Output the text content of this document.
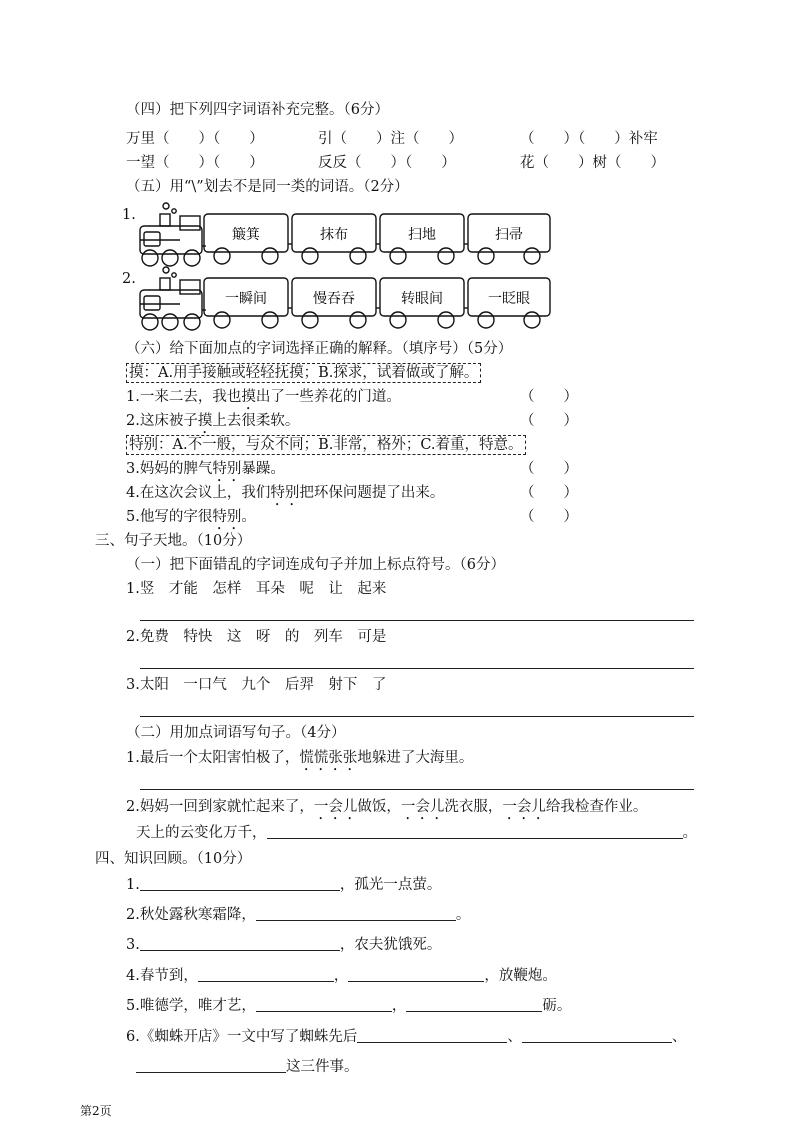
（四）把下列四字词语补充完整。（6分）
万里（　　）（　　）	引（　　）注（　　）	（　　）（　　）补牢
一望（　　）（　　）	反反（　　）（　　）	花（　　）树（　　）
（五）用“\”划去不是同一类的词语。（2分）
1.
簸箕	抹布	扫地	扫帚
2.
一瞬间	慢吞吞	转眼间	一眨眼
（六）给下面加点的字词选择正确的解释。（填序号）（5分）
摸：A.用手接触或轻轻抚摸；B.探求，试着做或了解。
1.一来二去，我也摸出了一些养花的门道。	（　　）
2.这床被子摸上去很柔软。	（　　）
特别：A.不一般，与众不同；B.非常，格外；C.着重，特意。
3.妈妈的脾气特别暴躁。	（　　）
4.在这次会议上，我们特别把环保问题提了出来。	（　　）
5.他写的字很特别。	（　　）
三、句子天地。（10分）
（一）把下面错乱的字词连成句子并加上标点符号。（6分）
1.竖　才能　怎样　耳朵　呢　让　起来
2.免费　特快　这　呀　的　列车　可是
3.太阳　一口气　九个　后羿　射下　了
（二）用加点词语写句子。（4分）
1.最后一个太阳害怕极了，慌慌张张地躲进了大海里。
2.妈妈一回到家就忙起来了，一会儿做饭，一会儿洗衣服，一会儿给我检查作业。
天上的云变化万千，	。
四、知识回顾。（10分）
1.	，孤光一点萤。
2.秋处露秋寒霜降，	。
3.	，农夫犹饿死。
4.春节到，	，	，放鞭炮。
5.唯德学，唯才艺，	，	砺。
6.《蜘蛛开店》一文中写了蜘蛛先后	、	、
这三件事。
第2页
